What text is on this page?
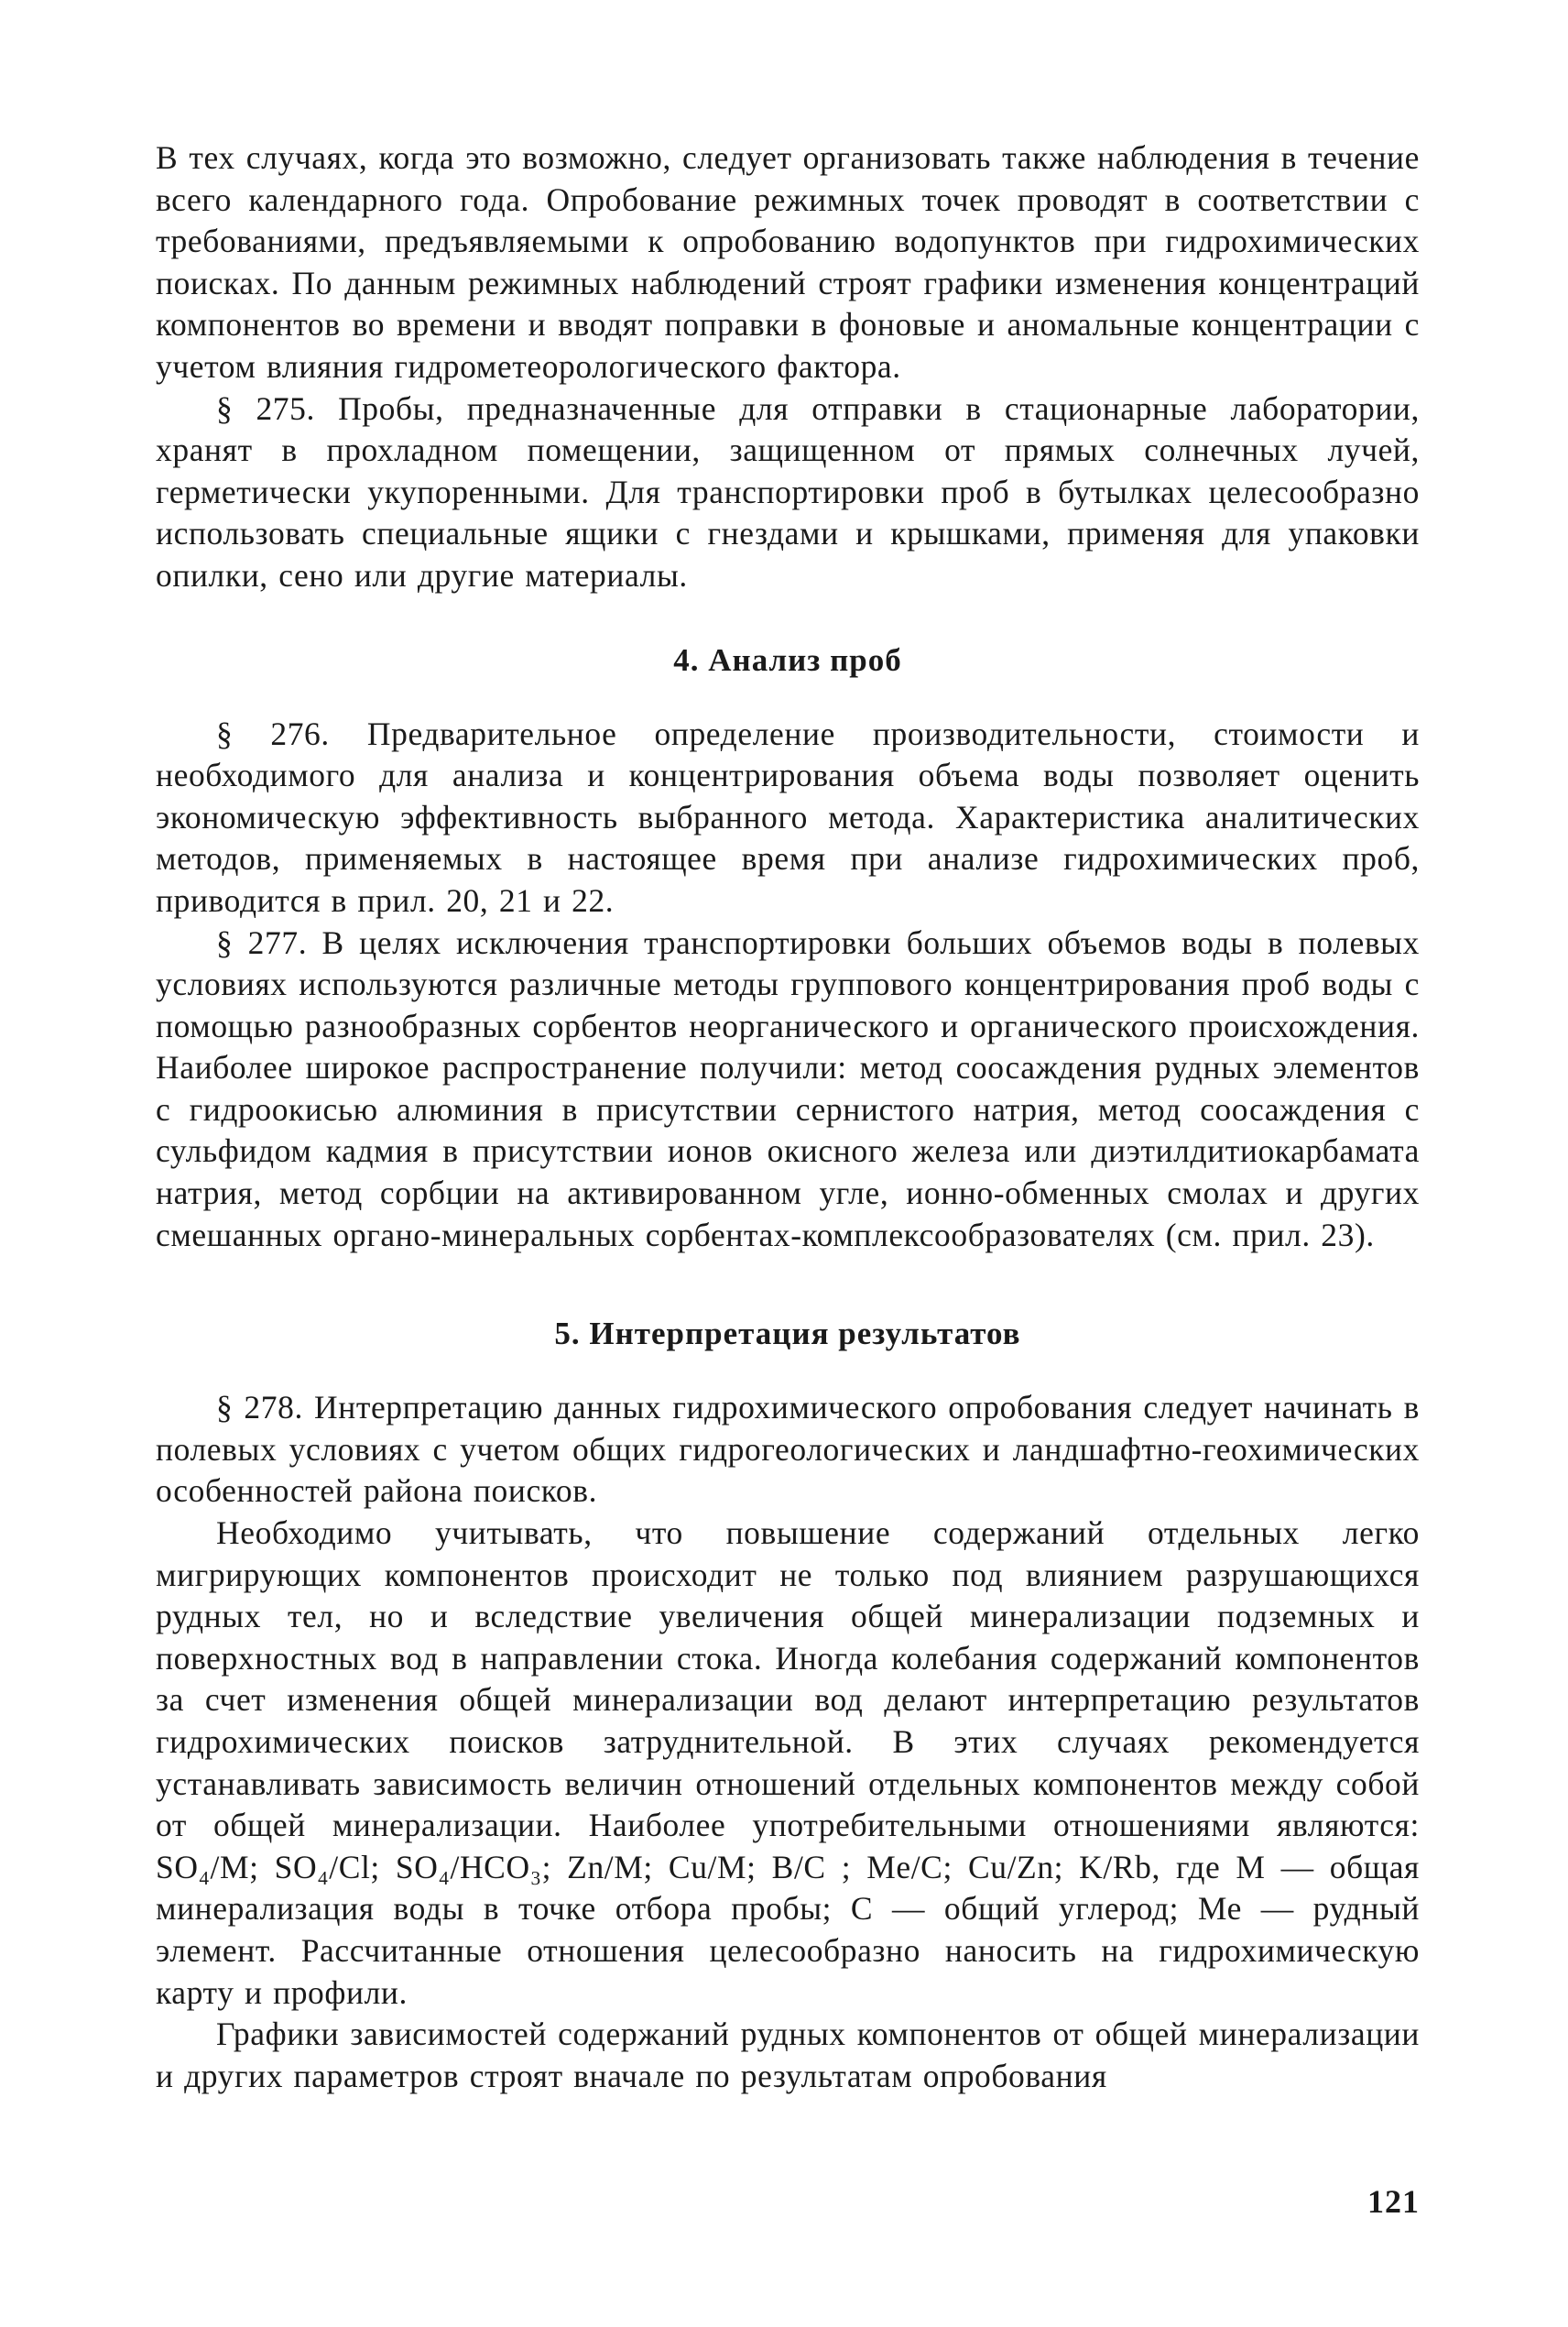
В тех случаях, когда это возможно, следует организовать также наблюдения в течение всего календарного года. Опробование режимных точек проводят в соответствии с требованиями, предъявляемыми к опробованию водопунктов при гидрохимических поисках. По данным режимных наблюдений строят графики изменения концентраций компонентов во времени и вводят поправки в фоновые и аномальные концентрации с учетом влияния гидрометеорологического фактора.

§ 275. Пробы, предназначенные для отправки в стационарные лаборатории, хранят в прохладном помещении, защищенном от прямых солнечных лучей, герметически укупоренными. Для транспортировки проб в бутылках целесообразно использовать специальные ящики с гнездами и крышками, применяя для упаковки опилки, сено или другие материалы.

4. Анализ проб

§ 276. Предварительное определение производительности, стоимости и необходимого для анализа и концентрирования объема воды позволяет оценить экономическую эффективность выбранного метода. Характеристика аналитических методов, применяемых в настоящее время при анализе гидрохимических проб, приводится в прил. 20, 21 и 22.

§ 277. В целях исключения транспортировки больших объемов воды в полевых условиях используются различные методы группового концентрирования проб воды с помощью разнообразных сорбентов неорганического и органического происхождения. Наиболее широкое распространение получили: метод соосаждения рудных элементов с гидроокисью алюминия в присутствии сернистого натрия, метод соосаждения с сульфидом кадмия в присутствии ионов окисного железа или диэтилдитиокарбамата натрия, метод сорбции на активированном угле, ионно-обменных смолах и других смешанных органо-минеральных сорбентах-комплексообразователях (см. прил. 23).

5. Интерпретация результатов

§ 278. Интерпретацию данных гидрохимического опробования следует начинать в полевых условиях с учетом общих гидрогеологических и ландшафтно-геохимических особенностей района поисков.

Необходимо учитывать, что повышение содержаний отдельных легко мигрирующих компонентов происходит не только под влиянием разрушающихся рудных тел, но и вследствие увеличения общей минерализации подземных и поверхностных вод в направлении стока. Иногда колебания содержаний компонентов за счет изменения общей минерализации вод делают интерпретацию результатов гидрохимических поисков затруднительной. В этих случаях рекомендуется устанавливать зависимость величин отношений отдельных компонентов между собой от общей минерализации. Наиболее употребительными отношениями являются: SO₄/M; SO₄/Cl; SO₄/HCO₃; Zn/M; Cu/M; B/C ; Me/C; Cu/Zn; K/Rb, где М — общая минерализация воды в точке отбора пробы; С — общий углерод; Ме — рудный элемент. Рассчитанные отношения целесообразно наносить на гидрохимическую карту и профили.

Графики зависимостей содержаний рудных компонентов от общей минерализации и других параметров строят вначале по результатам опробования

121
